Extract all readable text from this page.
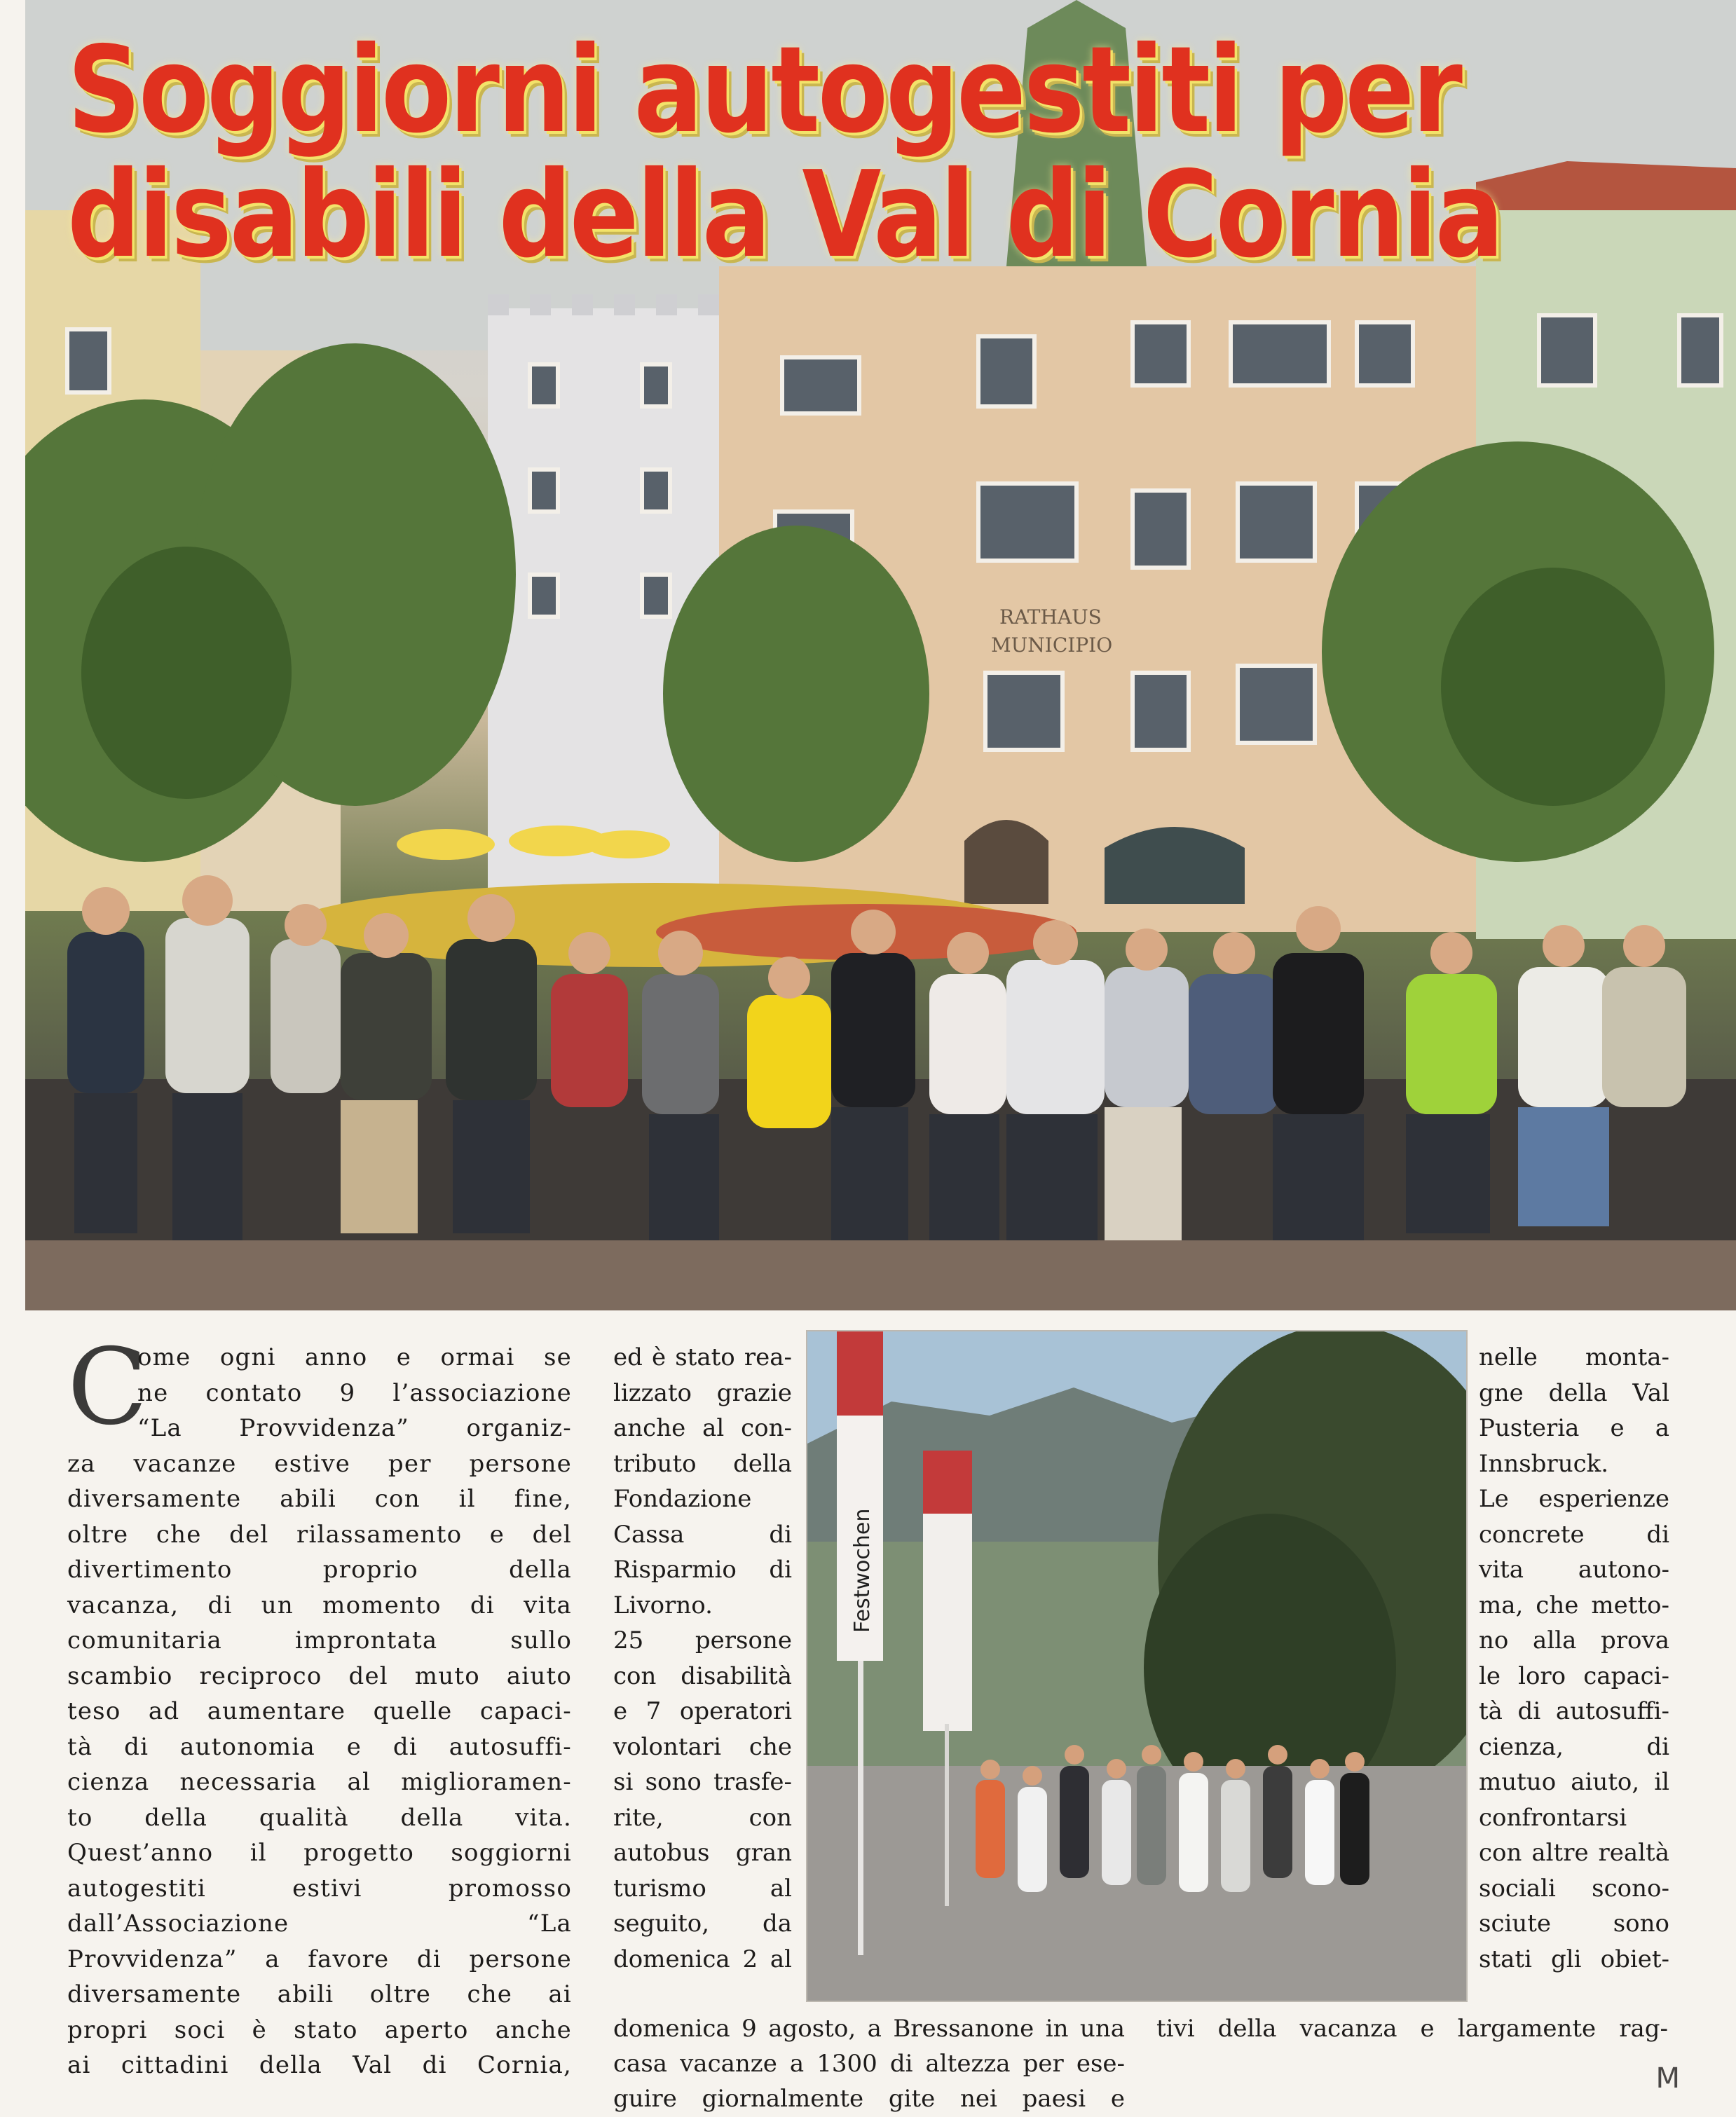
RATHAUS
MUNICIPIO
Soggiorni autogestiti per
disabili della Val di Cornia
C

ome ogni anno e ormai se

ne contato 9 l’associazione

“La Provvidenza” organiz-

za vacanze estive per persone

diversamente abili con il fine,

oltre che del rilassamento e del

divertimento proprio della

vacanza, di un momento di vita

comunitaria improntata sullo

scambio reciproco del muto aiuto

teso ad aumentare quelle capaci-

tà di autonomia e di autosuffi-

cienza necessaria al miglioramen-

to della qualità della vita.

Quest’anno il progetto soggiorni

autogestiti estivi promosso

dall’Associazione “La

Provvidenza” a favore di persone

diversamente abili oltre che ai

propri soci è stato aperto anche

ai cittadini della Val di Cornia,

ed è stato rea-

lizzato grazie

anche al con-

tributo della

Fondazione

Cassa di

Risparmio di

Livorno.

25 persone

con disabilità

e 7 operatori

volontari che

si sono trasfe-

rite, con

autobus gran

turismo al

seguito, da

domenica 2 al

Festwochen

nelle monta-

gne della Val

Pusteria e a

Innsbruck.

Le esperienze

concrete di

vita autono-

ma, che metto-

no alla prova

le loro capaci-

tà di autosuffi-

cienza, di

mutuo aiuto, il

confrontarsi

con altre realtà

sociali scono-

sciute sono

stati gli obiet-

domenica 9 agosto, a Bressanone in una
casa vacanze a 1300 di altezza per ese-
guire giornalmente gite nei paesi e
tivi della vacanza e largamente rag-
M
